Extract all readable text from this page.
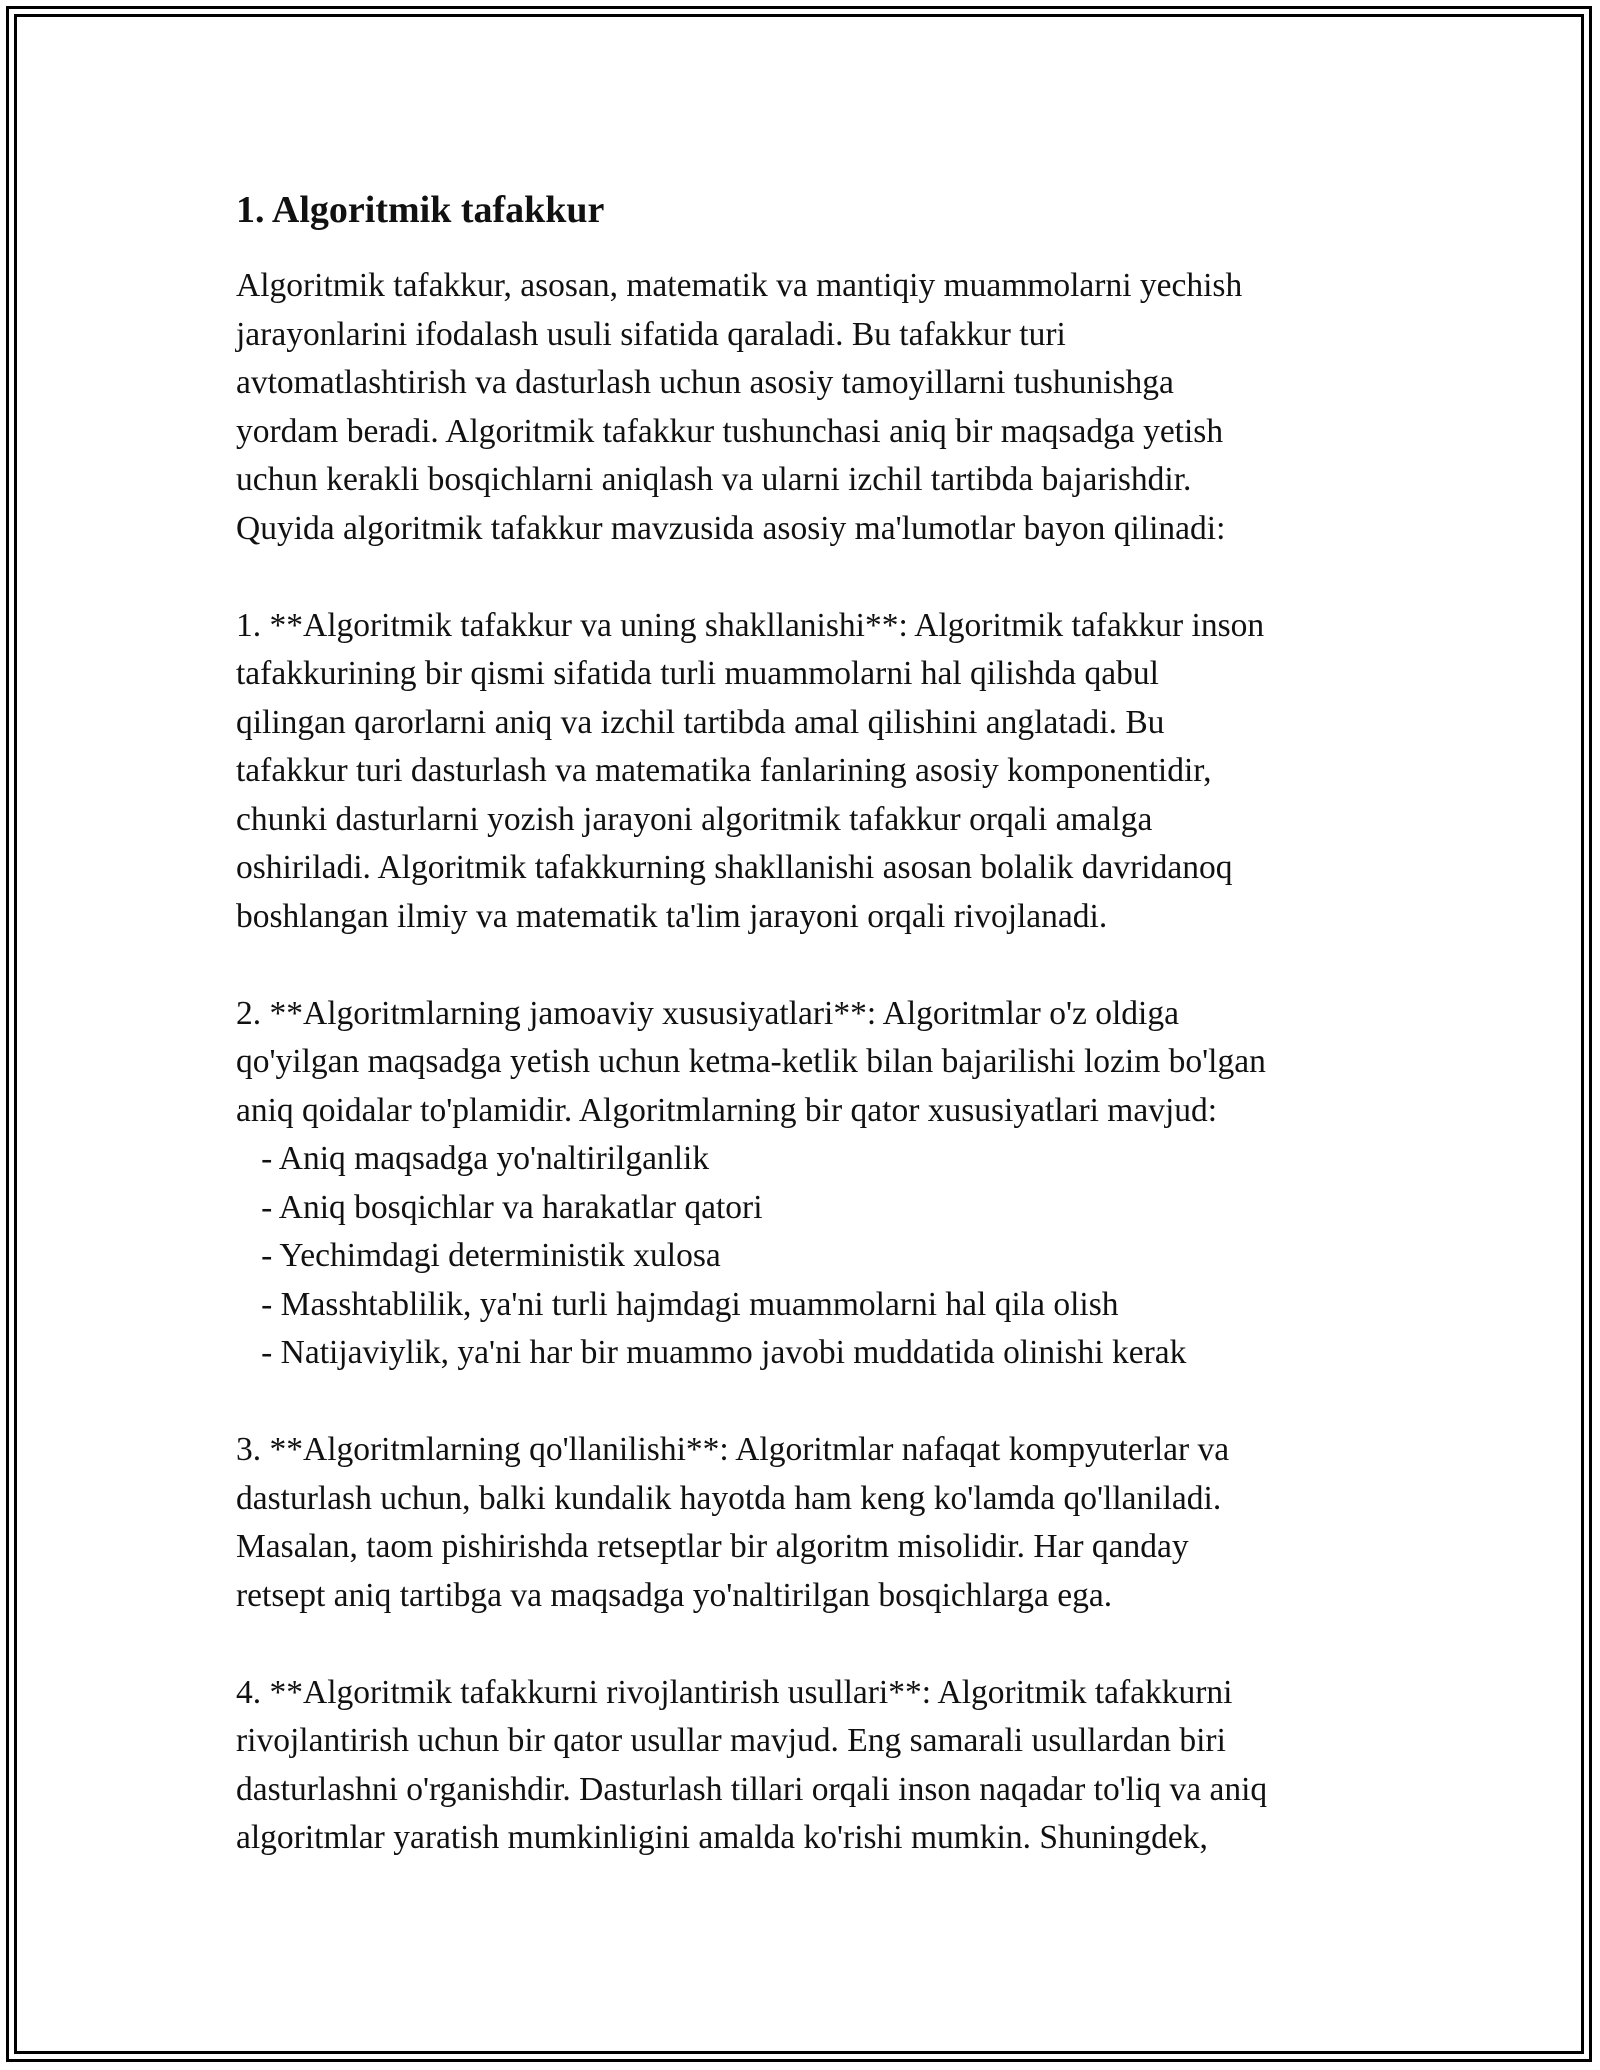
1. Algoritmik tafakkur
Algoritmik tafakkur, asosan, matematik va mantiqiy muammolarni yechish
jarayonlarini ifodalash usuli sifatida qaraladi. Bu tafakkur turi
avtomatlashtirish va dasturlash uchun asosiy tamoyillarni tushunishga
yordam beradi. Algoritmik tafakkur tushunchasi aniq bir maqsadga yetish
uchun kerakli bosqichlarni aniqlash va ularni izchil tartibda bajarishdir.
Quyida algoritmik tafakkur mavzusida asosiy ma'lumotlar bayon qilinadi:
1. **Algoritmik tafakkur va uning shakllanishi**: Algoritmik tafakkur inson
tafakkurining bir qismi sifatida turli muammolarni hal qilishda qabul
qilingan qarorlarni aniq va izchil tartibda amal qilishini anglatadi. Bu
tafakkur turi dasturlash va matematika fanlarining asosiy komponentidir,
chunki dasturlarni yozish jarayoni algoritmik tafakkur orqali amalga
oshiriladi. Algoritmik tafakkurning shakllanishi asosan bolalik davridanoq
boshlangan ilmiy va matematik ta'lim jarayoni orqali rivojlanadi.
2. **Algoritmlarning jamoaviy xususiyatlari**: Algoritmlar o'z oldiga
qo'yilgan maqsadga yetish uchun ketma-ketlik bilan bajarilishi lozim bo'lgan
aniq qoidalar to'plamidir. Algoritmlarning bir qator xususiyatlari mavjud:
- Aniq maqsadga yo'naltirilganlik
- Aniq bosqichlar va harakatlar qatori
- Yechimdagi deterministik xulosa
- Masshtablilik, ya'ni turli hajmdagi muammolarni hal qila olish
- Natijaviylik, ya'ni har bir muammo javobi muddatida olinishi kerak
3. **Algoritmlarning qo'llanilishi**: Algoritmlar nafaqat kompyuterlar va
dasturlash uchun, balki kundalik hayotda ham keng ko'lamda qo'llaniladi.
Masalan, taom pishirishda retseptlar bir algoritm misolidir. Har qanday
retsept aniq tartibga va maqsadga yo'naltirilgan bosqichlarga ega.
4. **Algoritmik tafakkurni rivojlantirish usullari**: Algoritmik tafakkurni
rivojlantirish uchun bir qator usullar mavjud. Eng samarali usullardan biri
dasturlashni o'rganishdir. Dasturlash tillari orqali inson naqadar to'liq va aniq
algoritmlar yaratish mumkinligini amalda ko'rishi mumkin. Shuningdek,
